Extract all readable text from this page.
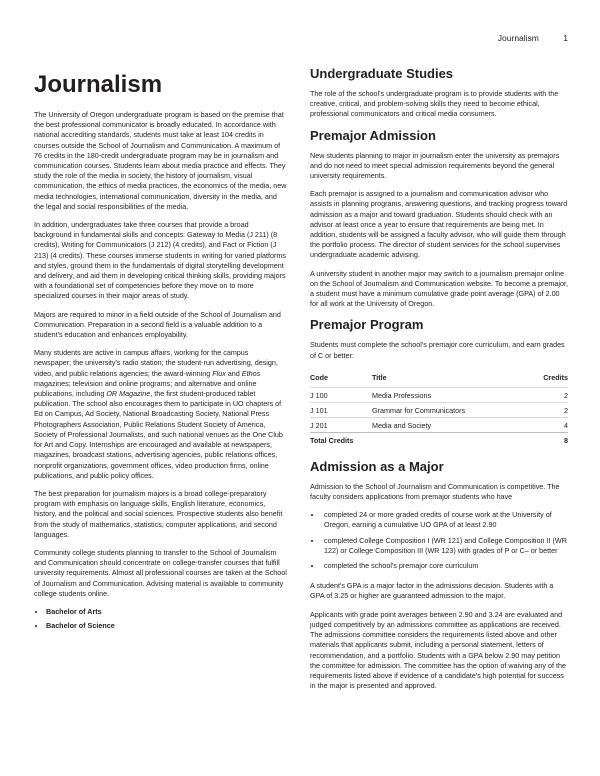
Journalism	1
Journalism

The University of Oregon undergraduate program is based on the premise that the best professional communicator is broadly educated. In accordance with national accrediting standards, students must take at least 104 credits in courses outside the School of Journalism and Communication. A maximum of 76 credits in the 180-credit undergraduate program may be in journalism and communication courses. Students learn about media practice and effects. They study the role of the media in society, the history of journalism, visual communication, the ethics of media practices, the economics of the media, new media technologies, international communication, diversity in the media, and the legal and social responsibilities of the media.

In addition, undergraduates take three courses that provide a broad background in fundamental skills and concepts: Gateway to Media (J 211) (8 credits), Writing for Communicators (J 212) (4 credits), and Fact or Fiction (J 213) (4 credits). These courses immerse students in writing for varied platforms and styles, ground them in the fundamentals of digital storytelling development and delivery, and aid them in developing critical thinking skills, providing majors with a foundational set of competencies before they move on to more specialized courses in their major areas of study.

Majors are required to minor in a field outside of the School of Journalism and Communication. Preparation in a second field is a valuable addition to a student's education and enhances employability.

Many students are active in campus affairs, working for the campus newspaper; the university's radio station; the student-run advertising, design, video, and public relations agencies; the award-winning Flux and Ethos magazines; television and online programs; and alternative and online publications, including OR Magazine, the first student-produced tablet publication. The school also encourages them to participate in UO chapters of Ed on Campus, Ad Society, National Broadcasting Society, National Press Photographers Association, Public Relations Student Society of America, Society of Professional Journalists, and such national venues as the One Club for Art and Copy. Internships are encouraged and available at newspapers, magazines, broadcast stations, advertising agencies, public relations offices, nonprofit organizations, government offices, video production firms, online publications, and public policy offices.

The best preparation for journalism majors is a broad college-preparatory program with emphasis on language skills, English literature, economics, history, and the political and social sciences. Prospective students also benefit from the study of mathematics, statistics, computer applications, and second languages.

Community college students planning to transfer to the School of Journalism and Communication should concentrate on college-transfer courses that fulfill university requirements. Almost all professional courses are taken at the School of Journalism and Communication. Advising material is available to community college students online.

• Bachelor of Arts
• Bachelor of Science
Undergraduate Studies

The role of the school's undergraduate program is to provide students with the creative, critical, and problem-solving skills they need to become ethical, professional communicators and critical media consumers.

Premajor Admission

New students planning to major in journalism enter the university as premajors and do not need to meet special admission requirements beyond the general university requirements.

Each premajor is assigned to a journalism and communication advisor who assists in planning programs, answering questions, and tracking progress toward admission as a major and toward graduation. Students should check with an advisor at least once a year to ensure that requirements are being met. In addition, students will be assigned a faculty advisor, who will guide them through the portfolio process. The director of student services for the school supervises undergraduate academic advising.

A university student in another major may switch to a journalism premajor online on the School of Journalism and Communication website. To become a premajor, a student must have a minimum cumulative grade point average (GPA) of 2.00 for all work at the University of Oregon.

Premajor Program

Students must complete the school's premajor core curriculum, and earn grades of C or better:

Code	Title	Credits
J 100	Media Professions	2
J 101	Grammar for Communicators	2
J 201	Media and Society	4
Total Credits		8
Admission as a Major

Admission to the School of Journalism and Communication is competitive. The faculty considers applications from premajor students who have

• completed 24 or more graded credits of course work at the University of Oregon, earning a cumulative UO GPA of at least 2.90
• completed College Composition I (WR 121) and College Composition II (WR 122) or College Composition III (WR 123) with grades of P or C– or better
• completed the school's premajor core curriculum

A student's GPA is a major factor in the admissions decision. Students with a GPA of 3.25 or higher are guaranteed admission to the major.

Applicants with grade point averages between 2.90 and 3.24 are evaluated and judged competitively by an admissions committee as applications are received. The admissions committee considers the requirements listed above and other materials that applicants submit, including a personal statement, letters of recommendation, and a portfolio. Students with a GPA below 2.90 may petition the committee for admission. The committee has the option of waiving any of the requirements listed above if evidence of a candidate's high potential for success in the major is presented and approved.
